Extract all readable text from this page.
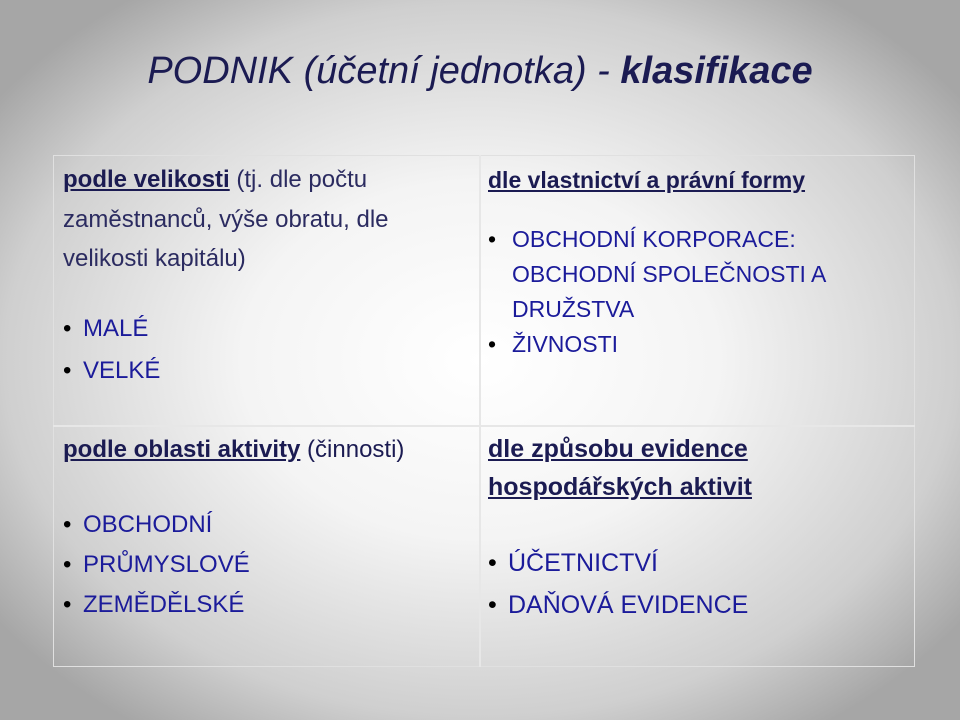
PODNIK (účetní jednotka) - klasifikace
podle velikosti (tj. dle počtu
zaměstnanců, výše obratu, dle
velikosti kapitálu)
• MALÉ
• VELKÉ
dle vlastnictví a právní formy
• OBCHODNÍ KORPORACE: OBCHODNÍ SPOLEČNOSTI A DRUŽSTVA
• ŽIVNOSTI
podle oblasti aktivity (činnosti)
• OBCHODNÍ
• PRŮMYSLOVÉ
• ZEMĚDĚLSKÉ
dle způsobu evidence
hospodářských aktivit
• ÚČETNICTVÍ
• DAŇOVÁ EVIDENCE
